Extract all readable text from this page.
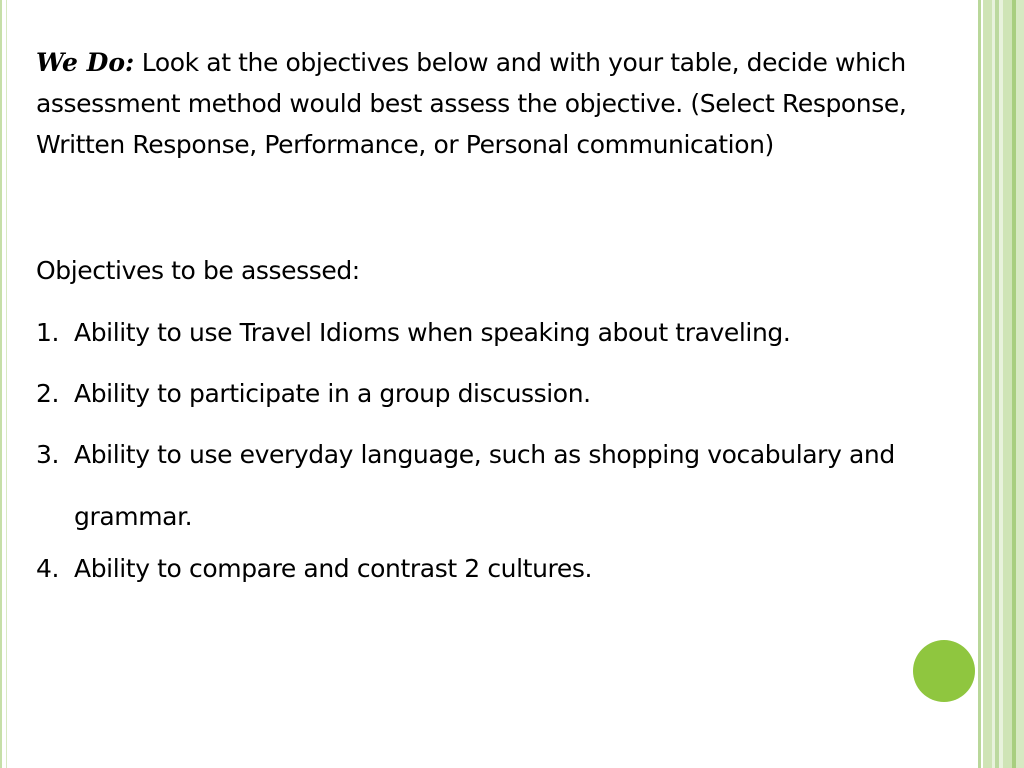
We Do: Look at the objectives below and with your table, decide which assessment method would best assess the objective. (Select Response, Written Response, Performance, or Personal communication)
Objectives to be assessed:
1. Ability to use Travel Idioms when speaking about traveling.
2. Ability to participate in a group discussion.
3. Ability to use everyday language, such as shopping vocabulary and grammar.
4. Ability to compare and contrast 2 cultures.
